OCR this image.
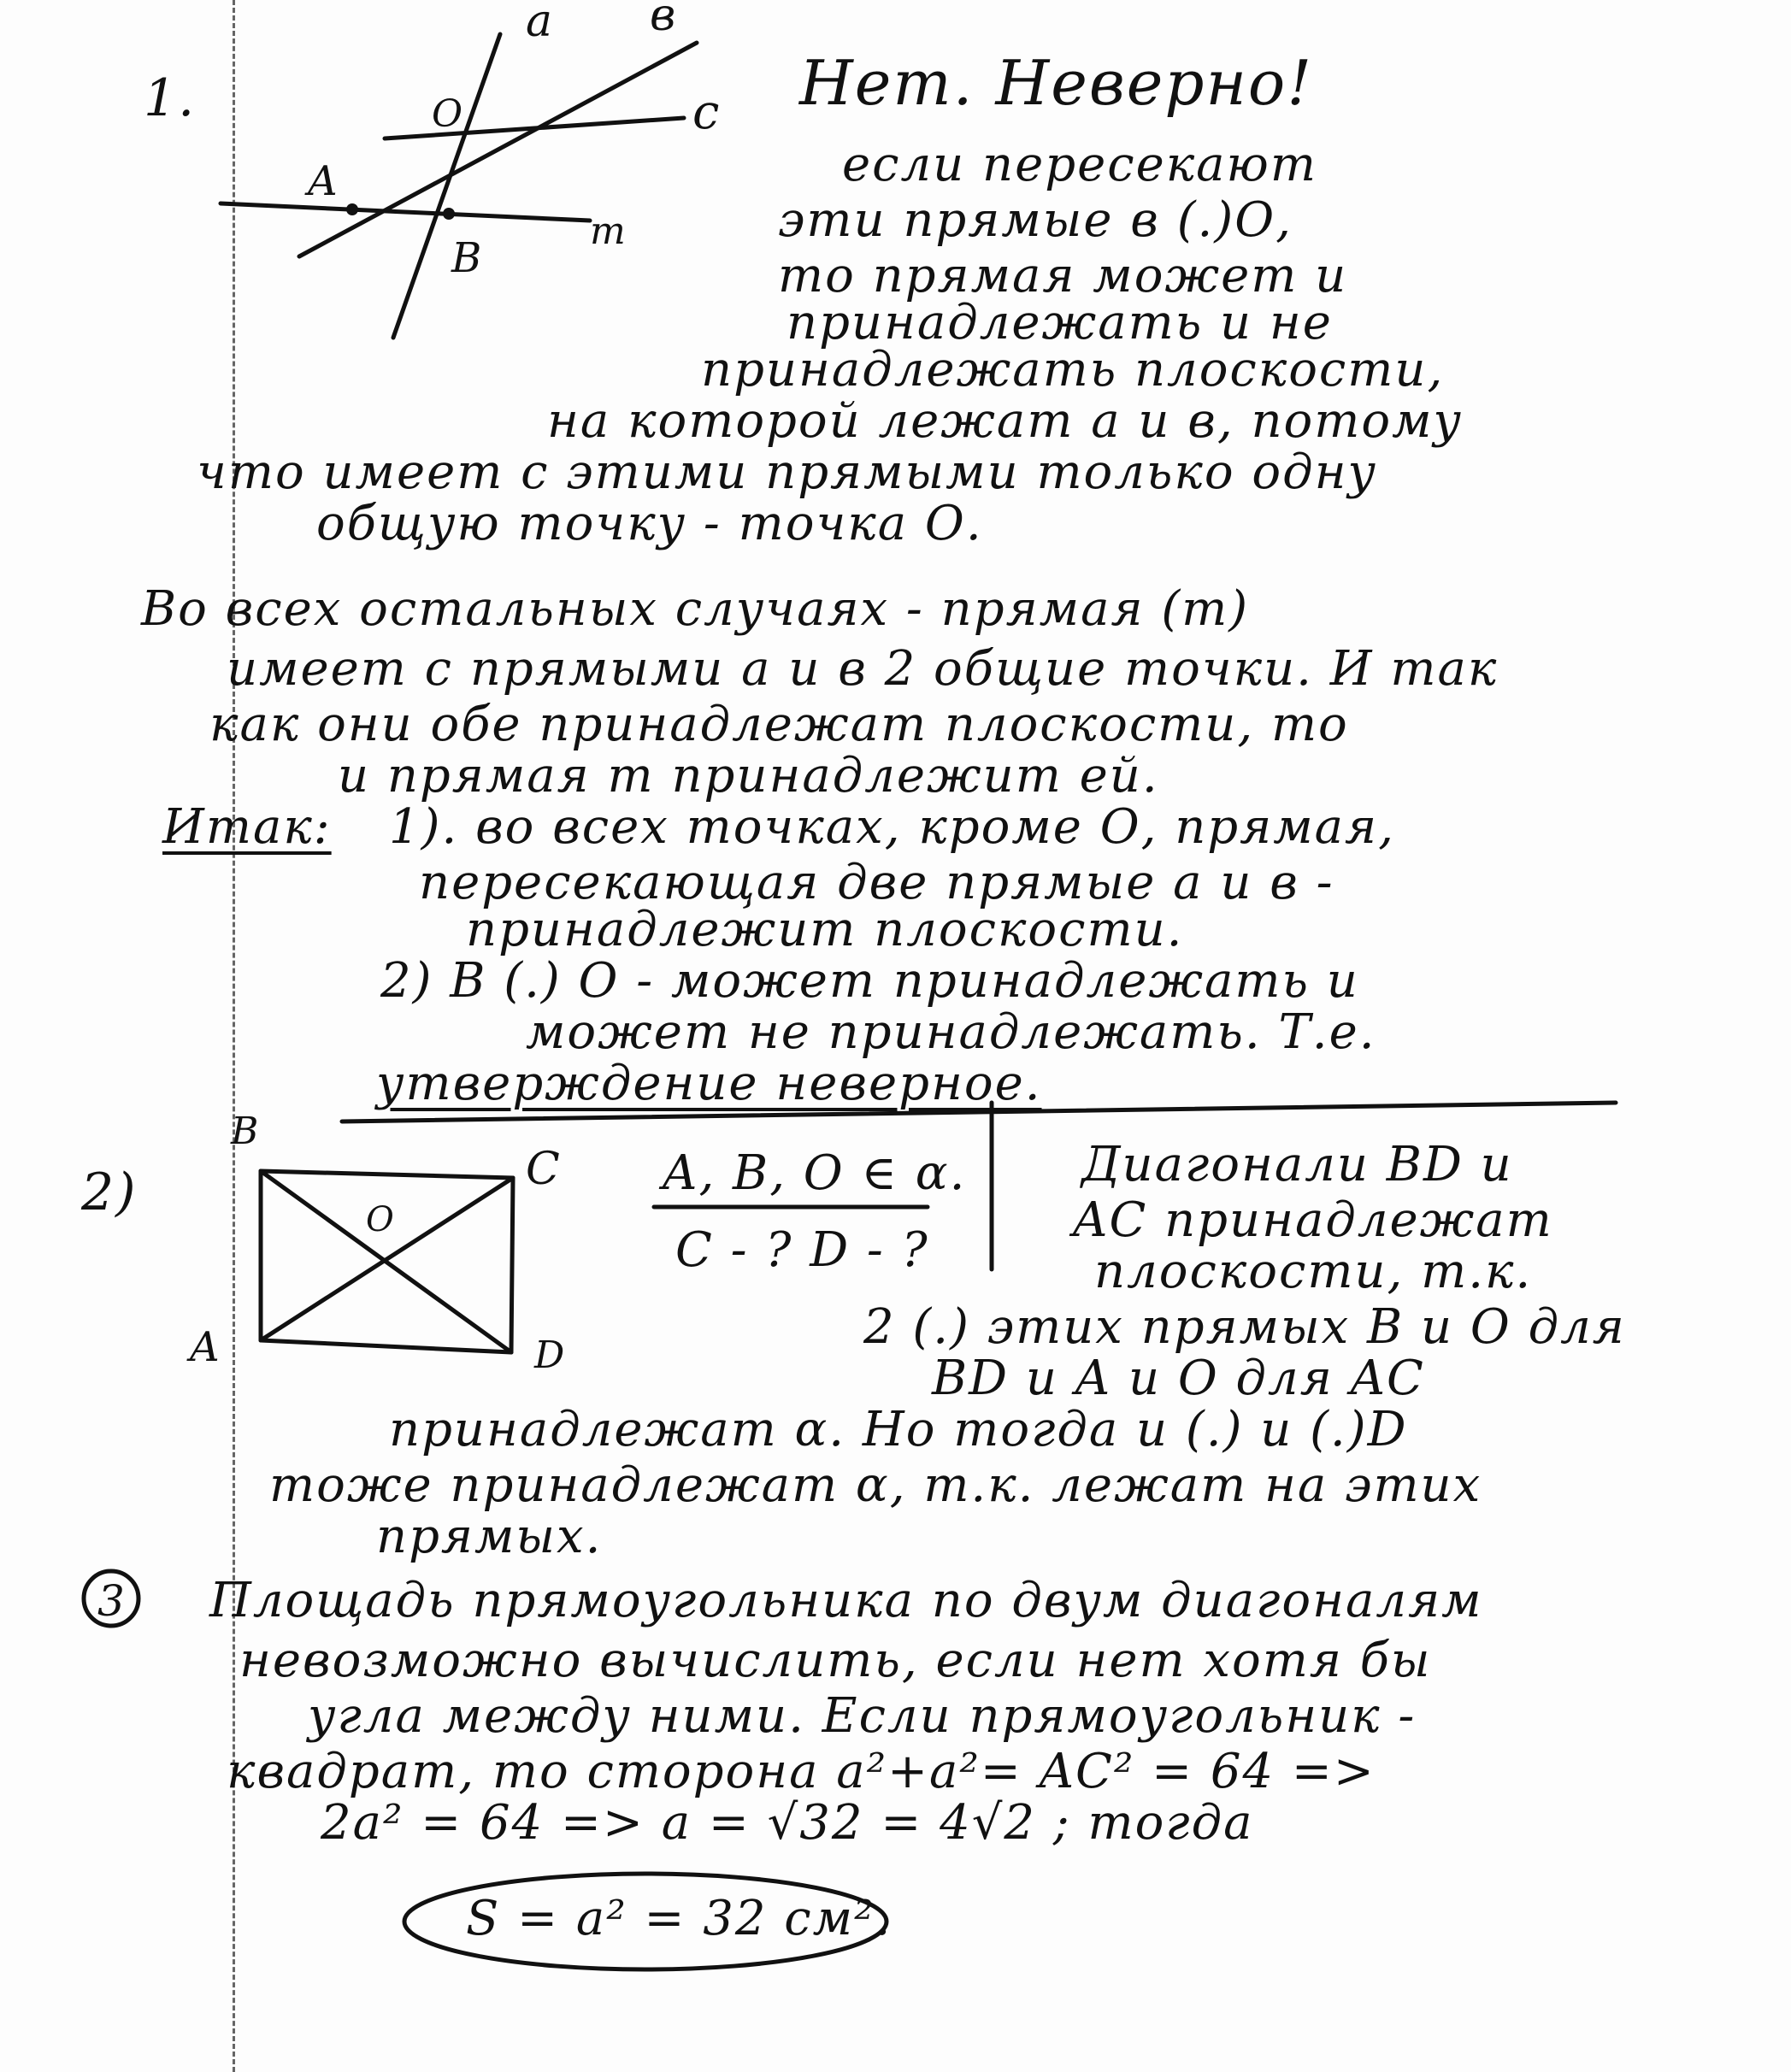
1.
a в
c
O
A
B
m
Нет. Неверно!
если пересекают
эти прямые в (.)О,
то прямая может и
принадлежать и не
принадлежать плоскости,
на которой лежат а и в, потому
что имеет с этими прямыми только одну
общую точку - точка О.
Во всех остальных случаях - прямая (m)
имеет с прямыми а и в 2 общие точки. И так
как они обе принадлежат плоскости, то
и прямая m принадлежит ей.
Итак: 1). во всех точках, кроме О, прямая,
пересекающая две прямые а и в -
принадлежит плоскости.
2) В (.) О - может принадлежать и
может не принадлежать. Т.е.
утверждение неверное.
2)
B
C
O
A	D
A, B, O ∈ α.
C - ? D - ?
Диагонали BD и
AC принадлежат
плоскости, т.к.
2 (.) этих прямых B и O для
BD и A и O для AC
принадлежат α. Но тогда и (.) и (.)D
тоже принадлежат α, т.к. лежат на этих
прямых.
3 Площадь прямоугольника по двум диагоналям
невозможно вычислить, если нет хотя бы
угла между ними. Если прямоугольник -
квадрат, то сторона a²+a²= AC² = 64 =>
2a² = 64 => a = √32 = 4√2 ; тогда
S = a² = 32 см².
